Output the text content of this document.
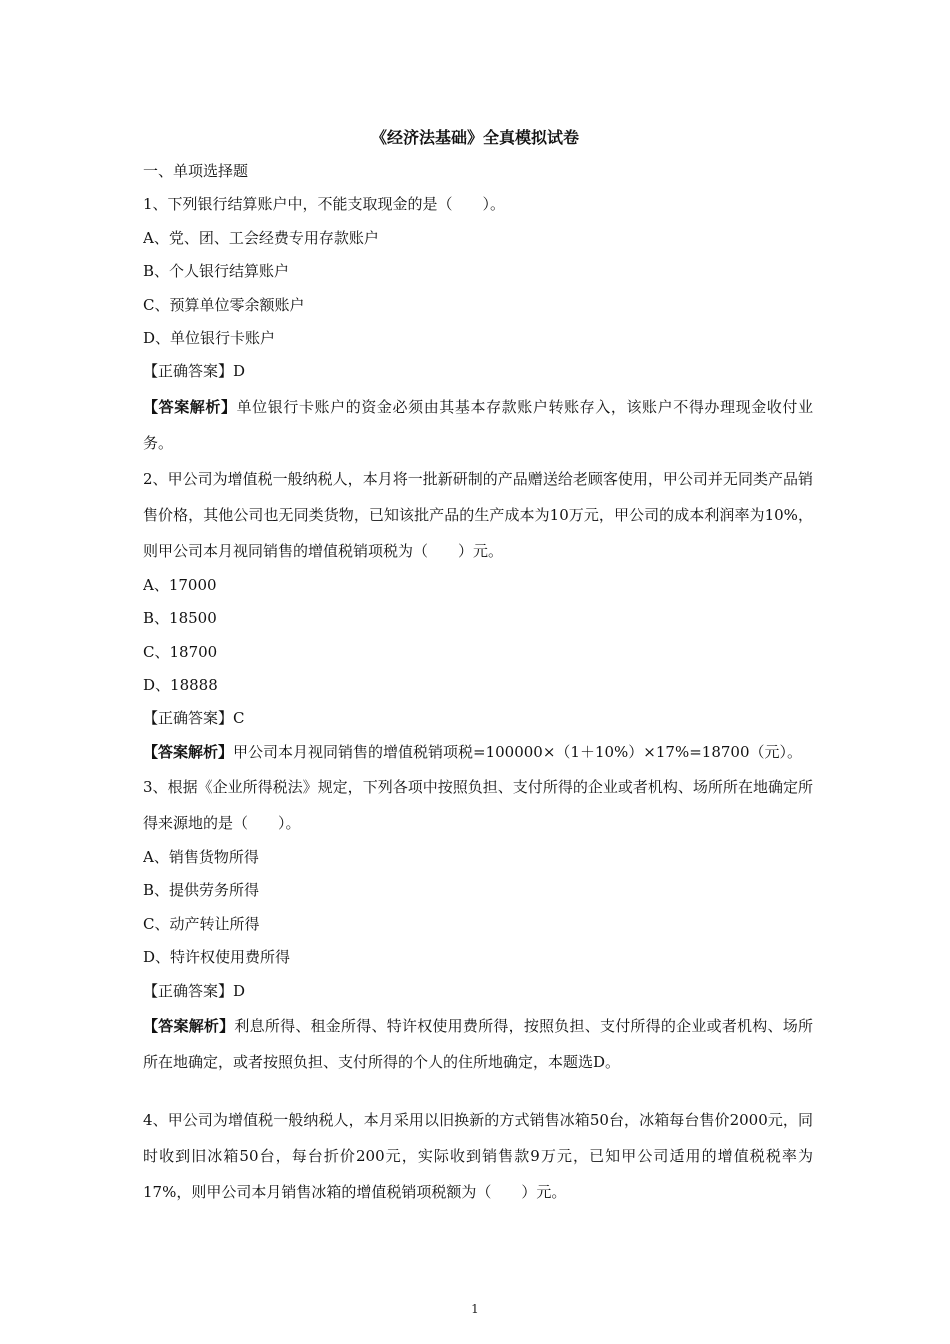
《经济法基础》全真模拟试卷
一、单项选择题
1、下列银行结算账户中，不能支取现金的是（　　）。
A、党、团、工会经费专用存款账户
B、个人银行结算账户
C、预算单位零余额账户
D、单位银行卡账户
【正确答案】D
【答案解析】单位银行卡账户的资金必须由其基本存款账户转账存入，该账户不得办理现金收付业务。
2、甲公司为增值税一般纳税人，本月将一批新研制的产品赠送给老顾客使用，甲公司并无同类产品销售价格，其他公司也无同类货物，已知该批产品的生产成本为10万元，甲公司的成本利润率为10%，则甲公司本月视同销售的增值税销项税为（　　）元。
A、17000
B、18500
C、18700
D、18888
【正确答案】C
【答案解析】甲公司本月视同销售的增值税销项税=100000×（1＋10%）×17%=18700（元）。
3、根据《企业所得税法》规定，下列各项中按照负担、支付所得的企业或者机构、场所所在地确定所得来源地的是（　　）。
A、销售货物所得
B、提供劳务所得
C、动产转让所得
D、特许权使用费所得
【正确答案】D
【答案解析】利息所得、租金所得、特许权使用费所得，按照负担、支付所得的企业或者机构、场所所在地确定，或者按照负担、支付所得的个人的住所地确定，本题选D。
4、甲公司为增值税一般纳税人，本月采用以旧换新的方式销售冰箱50台，冰箱每台售价2000元，同时收到旧冰箱50台，每台折价200元，实际收到销售款9万元，已知甲公司适用的增值税税率为17%，则甲公司本月销售冰箱的增值税销项税额为（　　）元。
1
